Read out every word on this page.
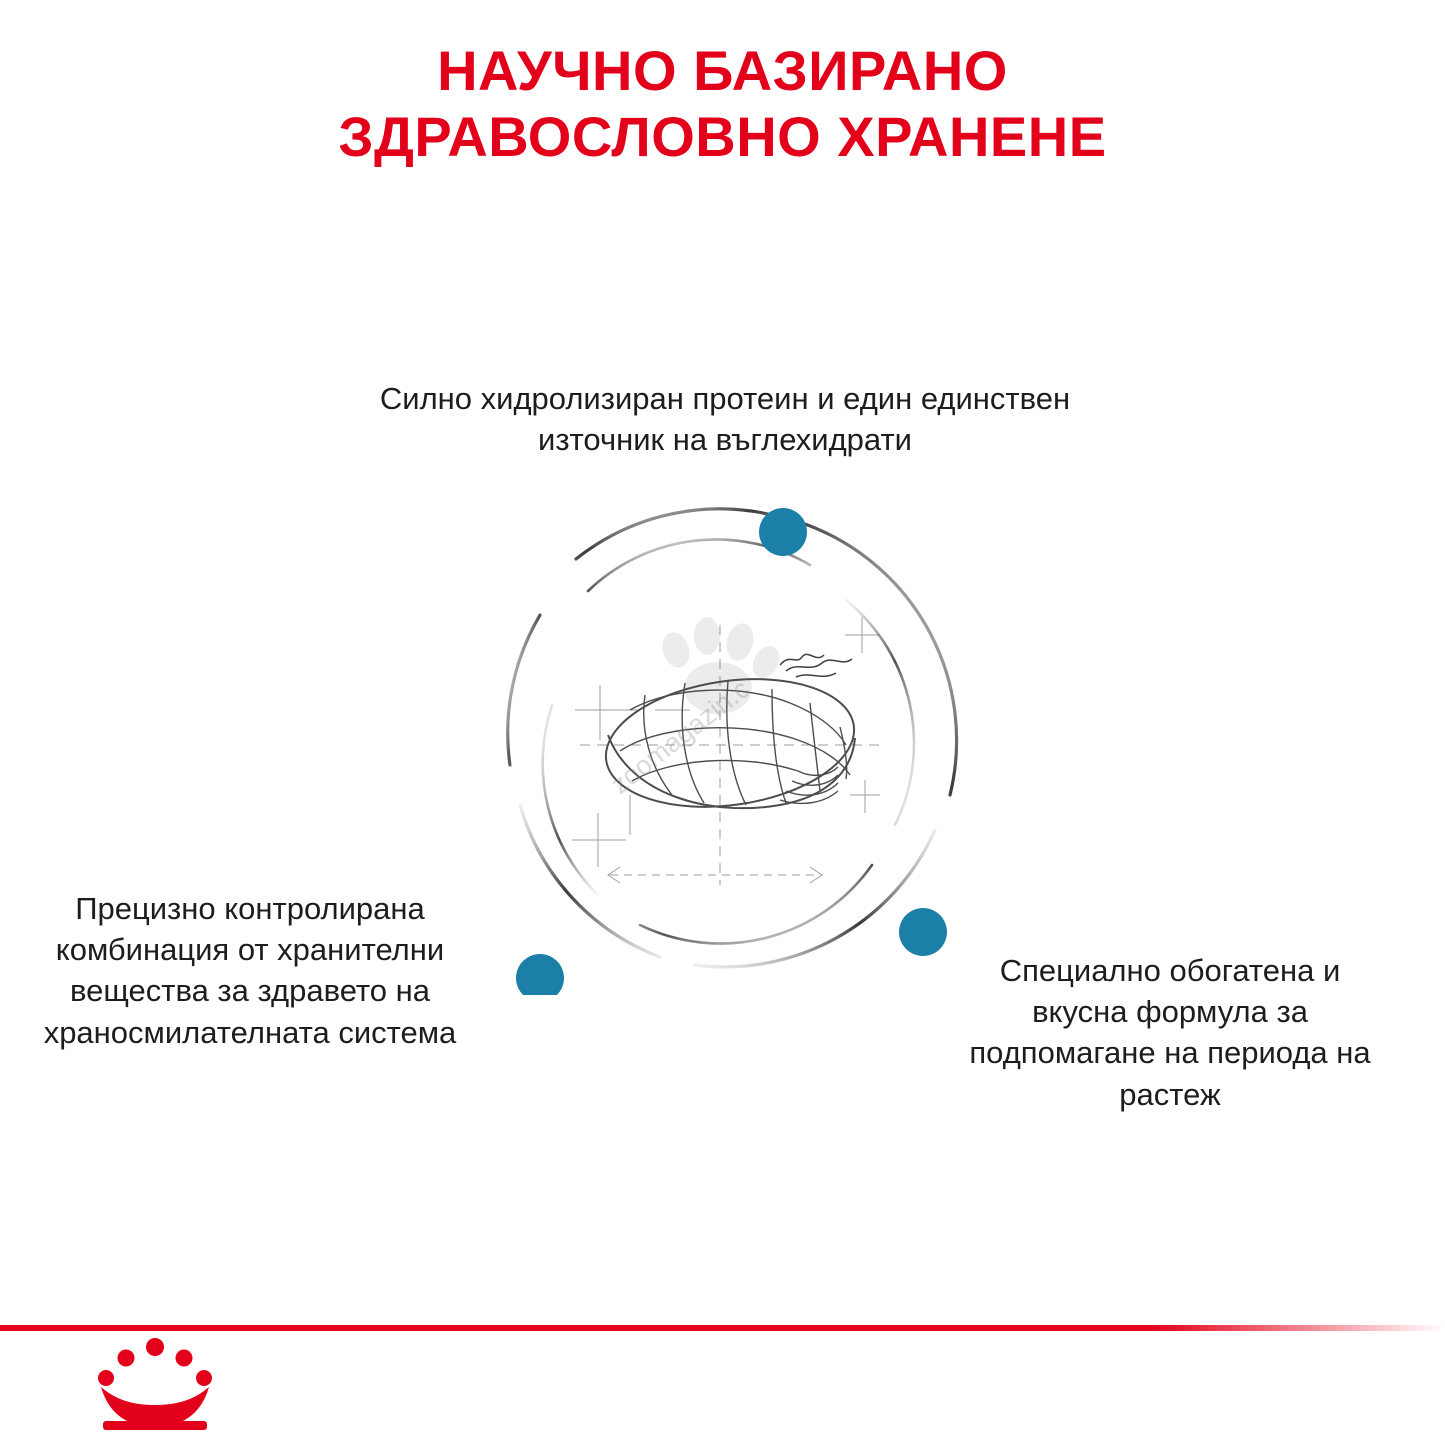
НАУЧНО БАЗИРАНО
ЗДРАВОСЛОВНО ХРАНЕНЕ
Силно хидролизиран протеин и един единствен източник на въглехидрати
Прецизно контролирана комбинация от хранителни вещества за здравето на храносмилателната система
Специално обогатена и вкусна формула за подпомагане на периода на растеж
zoomagazin.c
